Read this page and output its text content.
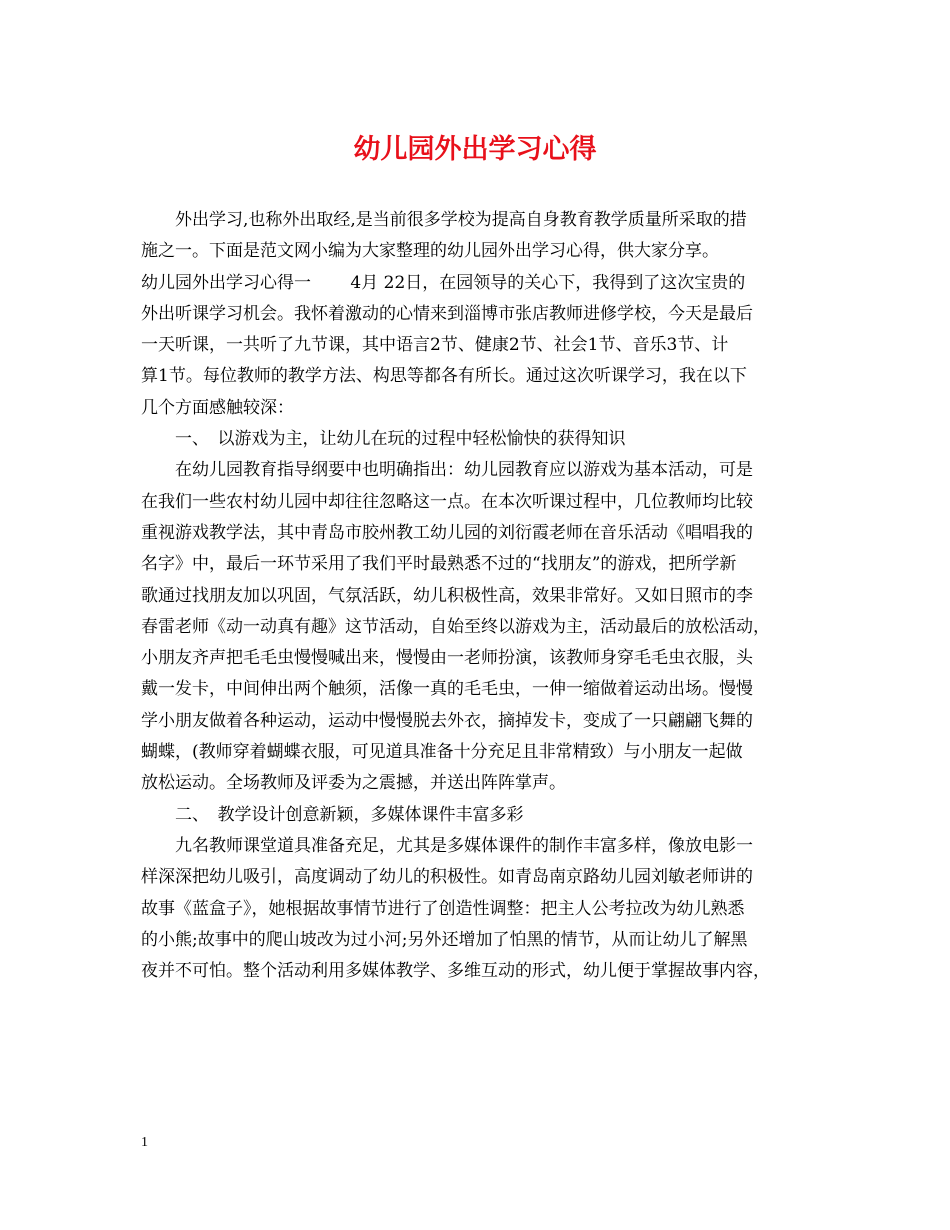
幼儿园外出学习心得
外出学习,也称外出取经,是当前很多学校为提高自身教育教学质量所采取的措
施之一。下面是范文网小编为大家整理的幼儿园外出学习心得，供大家分享。
幼儿园外出学习心得一　　 4月 22日，在园领导的关心下，我得到了这次宝贵的
外出听课学习机会。我怀着激动的心情来到淄博市张店教师进修学校，今天是最后
一天听课，一共听了九节课，其中语言2节、健康2节、社会1节、音乐3节、计
算1节。每位教师的教学方法、构思等都各有所长。通过这次听课学习，我在以下
几个方面感触较深：
一、　以游戏为主，让幼儿在玩的过程中轻松愉快的获得知识
在幼儿园教育指导纲要中也明确指出：幼儿园教育应以游戏为基本活动，可是
在我们一些农村幼儿园中却往往忽略这一点。在本次听课过程中，几位教师均比较
重视游戏教学法，其中青岛市胶州教工幼儿园的刘衍霞老师在音乐活动《唱唱我的
名字》中，最后一环节采用了我们平时最熟悉不过的“找朋友”的游戏，把所学新
歌通过找朋友加以巩固，气氛活跃，幼儿积极性高，效果非常好。又如日照市的李
春雷老师《动一动真有趣》这节活动，自始至终以游戏为主，活动最后的放松活动，
小朋友齐声把毛毛虫慢慢喊出来，慢慢由一老师扮演，该教师身穿毛毛虫衣服，头
戴一发卡，中间伸出两个触须，活像一真的毛毛虫，一伸一缩做着运动出场。慢慢
学小朋友做着各种运动，运动中慢慢脱去外衣，摘掉发卡，变成了一只翩翩飞舞的
蝴蝶，(教师穿着蝴蝶衣服，可见道具准备十分充足且非常精致）与小朋友一起做
放松运动。全场教师及评委为之震撼，并送出阵阵掌声。
二、　教学设计创意新颖，多媒体课件丰富多彩
九名教师课堂道具准备充足，尤其是多媒体课件的制作丰富多样，像放电影一
样深深把幼儿吸引，高度调动了幼儿的积极性。如青岛南京路幼儿园刘敏老师讲的
故事《蓝盒子》，她根据故事情节进行了创造性调整：把主人公考拉改为幼儿熟悉
的小熊;故事中的爬山坡改为过小河;另外还增加了怕黑的情节，从而让幼儿了解黑
夜并不可怕。整个活动利用多媒体教学、多维互动的形式，幼儿便于掌握故事内容，
1
